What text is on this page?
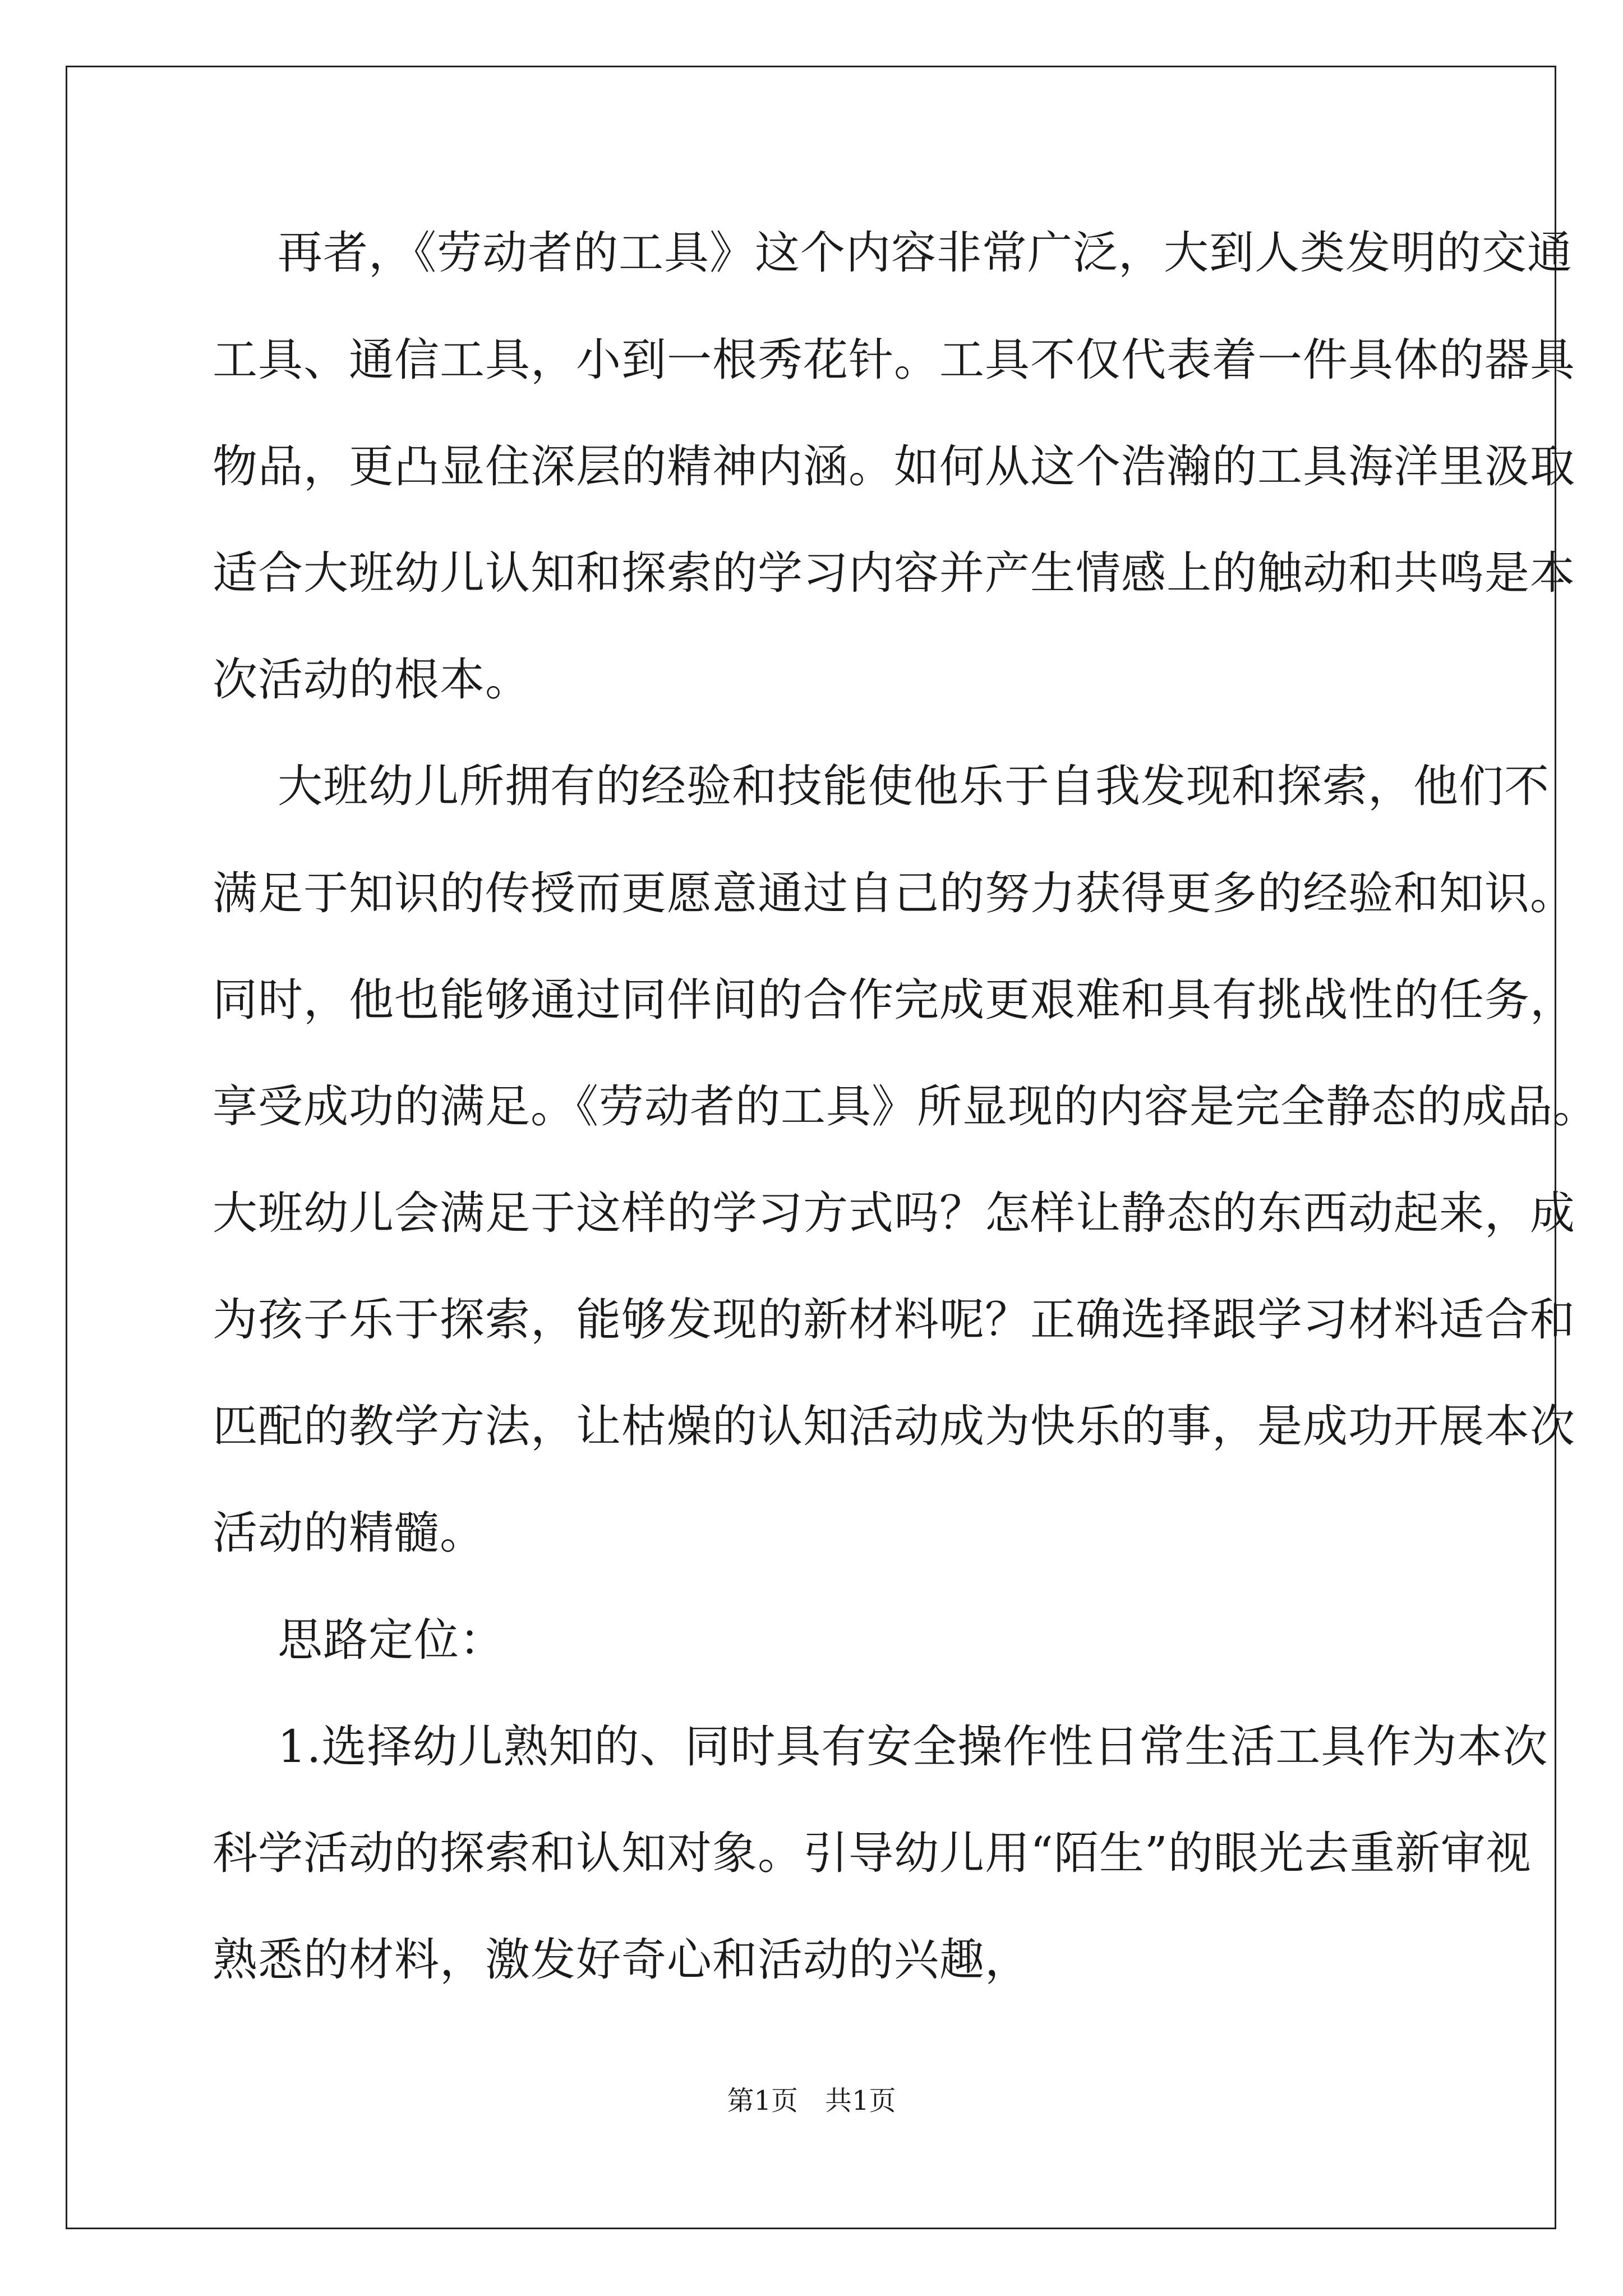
再者，《劳动者的工具》这个内容非常广泛，大到人类发明的交通
工具、通信工具，小到一根秀花针。工具不仅代表着一件具体的器具
物品，更凸显住深层的精神内涵。如何从这个浩瀚的工具海洋里汲取
适合大班幼儿认知和探索的学习内容并产生情感上的触动和共鸣是本
次活动的根本。
大班幼儿所拥有的经验和技能使他乐于自我发现和探索，他们不
满足于知识的传授而更愿意通过自己的努力获得更多的经验和知识。
同时，他也能够通过同伴间的合作完成更艰难和具有挑战性的任务，
享受成功的满足。《劳动者的工具》所显现的内容是完全静态的成品。
大班幼儿会满足于这样的学习方式吗？怎样让静态的东西动起来，成
为孩子乐于探索，能够发现的新材料呢？正确选择跟学习材料适合和
匹配的教学方法，让枯燥的认知活动成为快乐的事，是成功开展本次
活动的精髓。
思路定位：
1.选择幼儿熟知的、同时具有安全操作性日常生活工具作为本次
科学活动的探索和认知对象。引导幼儿用“陌生”的眼光去重新审视
熟悉的材料，激发好奇心和活动的兴趣，
第1页　共1页
